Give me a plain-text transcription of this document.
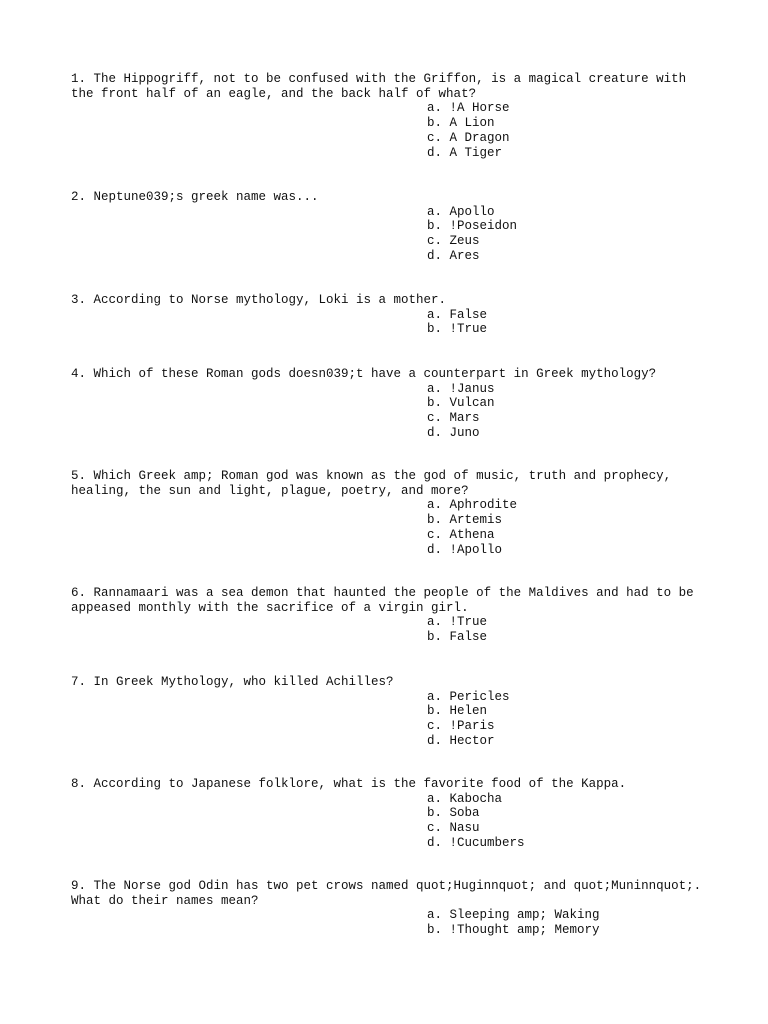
1. The Hippogriff, not to be confused with the Griffon, is a magical creature with the front half of an eagle, and the back half of what?

a. !A Horse
b. A Lion
c. A Dragon
d. A Tiger

2. Neptune039;s greek name was...

a. Apollo
b. !Poseidon
c. Zeus
d. Ares

3. According to Norse mythology, Loki is a mother.

a. False
b. !True

4. Which of these Roman gods doesn039;t have a counterpart in Greek mythology?

a. !Janus
b. Vulcan
c. Mars
d. Juno

5. Which Greek amp; Roman god was known as the god of music, truth and prophecy, healing, the sun and light, plague, poetry, and more?

a. Aphrodite
b. Artemis
c. Athena
d. !Apollo

6. Rannamaari was a sea demon that haunted the people of the Maldives and had to be appeased monthly with the sacrifice of a virgin girl.

a. !True
b. False

7. In Greek Mythology, who killed Achilles?

a. Pericles
b. Helen
c. !Paris
d. Hector

8. According to Japanese folklore, what is the favorite food of the Kappa.

a. Kabocha
b. Soba
c. Nasu
d. !Cucumbers

9. The Norse god Odin has two pet crows named quot;Huginnquot; and quot;Muninnquot;.  What do their names mean?

a. Sleeping amp; Waking
b. !Thought amp; Memory
